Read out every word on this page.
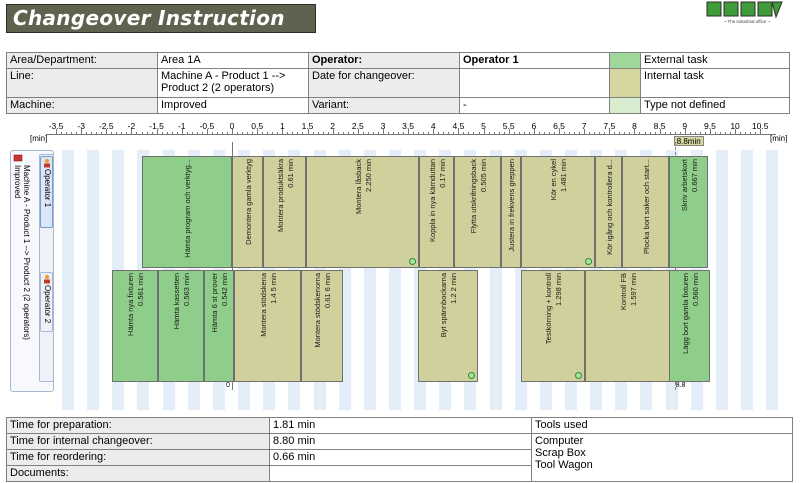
Changeover Instruction	~ The industrial office ~
Area/Department:	Area 1A	Operator:	Operator 1		External task
Line:	Machine A - Product 1 --> Product 2 (2 operators)	Date for changeover:			Internal task
Machine:	Improved	Variant:	-		Type not defined
[min]	[min]
-3.5 -3 -2.5 -2 -1.5 -1 -0.5 0 0.5 1 1.5 2 2.5 3 3.5 4 4.5 5 5.5 6 6.5 7 7.5 8 8.5 9 9.5 10 10.5
8.8min
0	8.8
Improved Machine A - Product 1 --> Product 2 (2 operators) Operator 1
Operator 2
Hämta program och verktyg...	Demontera gamla verktyg	Montera produktsäkra 0.61 min	Montera låsback 2.250 min	Koppla in nya kärnduttan 0.17 min	Flytta utskrifningsback 0.505 min	Justera in frekvens greppen	Kör en cykel 1.481 min	Kör igång och kontrollera d...	Plocka bort saker och start...	Skriv arbetskort 0.667 min
Hämta nya fixturen 0.561 min	Hämta kassetten 0.563 min	Hämta 6 st prover 0.542 min	Montera stödskena 1.4 5 min	Montera stödskenorna 0.61 6 min	Byt spännbockarna 1.2 2 min	Testkörning + kontroll 1.298 min	Kontroll FB 1.597 min	Lägg bort gamla fixturen 0.560 min
Time for preparation:	1.81 min	Tools used
Time for internal changeover:	8.80 min	Computer
Scrap Box
Tool Wagon

Time for reordering:	0.66 min	
Documents:		
